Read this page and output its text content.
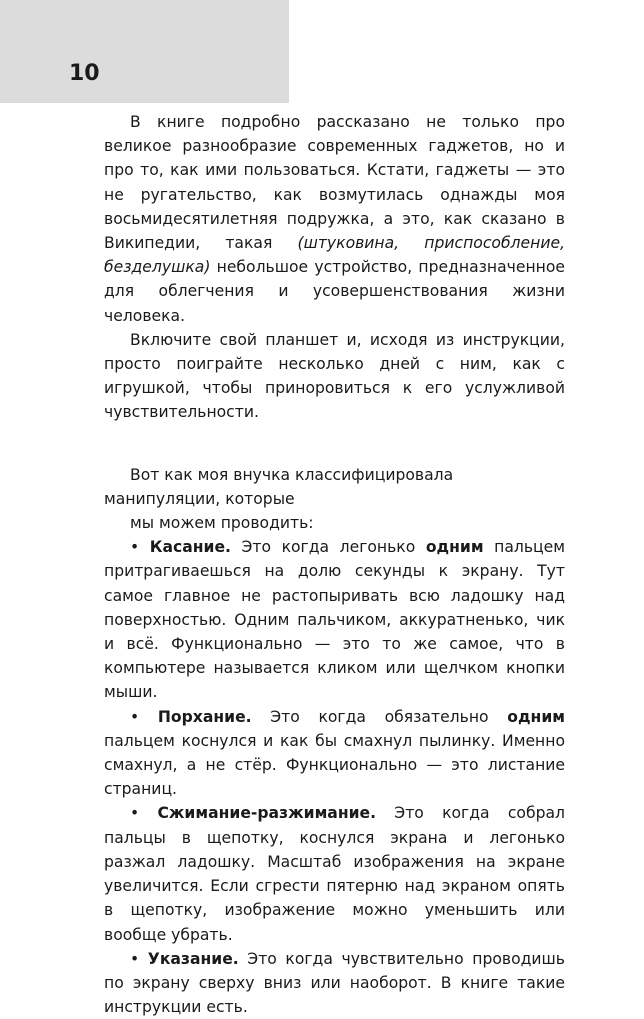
10

В книге подробно рассказано не только про великое разнообразие современных гаджетов, но и про то, как ими пользоваться. Кстати, гаджеты — это не ругательство, как возмутилась однажды моя восьмидесятилетняя подружка, а это, как сказано в Википедии, такая (штуковина, приспособление, безделушка) небольшое устройство, предназначенное для облегчения и усовершенствования жизни человека.

Включите свой планшет и, исходя из инструкции, просто поиграйте несколько дней с ним, как с игрушкой, чтобы приноровиться к его услужливой чувствительности.

Вот как моя внучка классифицировала манипуляции, которые

мы можем проводить:

• Касание. Это когда легонько одним пальцем притрагиваешься на долю секунды к экрану. Тут самое главное не растопыривать всю ладошку над поверхностью. Одним пальчиком, аккуратненько, чик и всё. Функционально — это то же самое, что в компьютере называется кликом или щелчком кнопки мыши.

• Порхание. Это когда обязательно одним пальцем коснулся и как бы смахнул пылинку. Именно смахнул, а не стёр. Функционально — это листание страниц.

• Сжимание-разжимание. Это когда собрал пальцы в щепотку, коснулся экрана и легонько разжал ладошку. Масштаб изображения на экране увеличится. Если сгрести пятерню над экраном опять в щепотку, изображение можно уменьшить или вообще убрать.

• Указание. Это когда чувствительно проводишь по экрану сверху вниз или наоборот. В книге такие инструкции есть.
